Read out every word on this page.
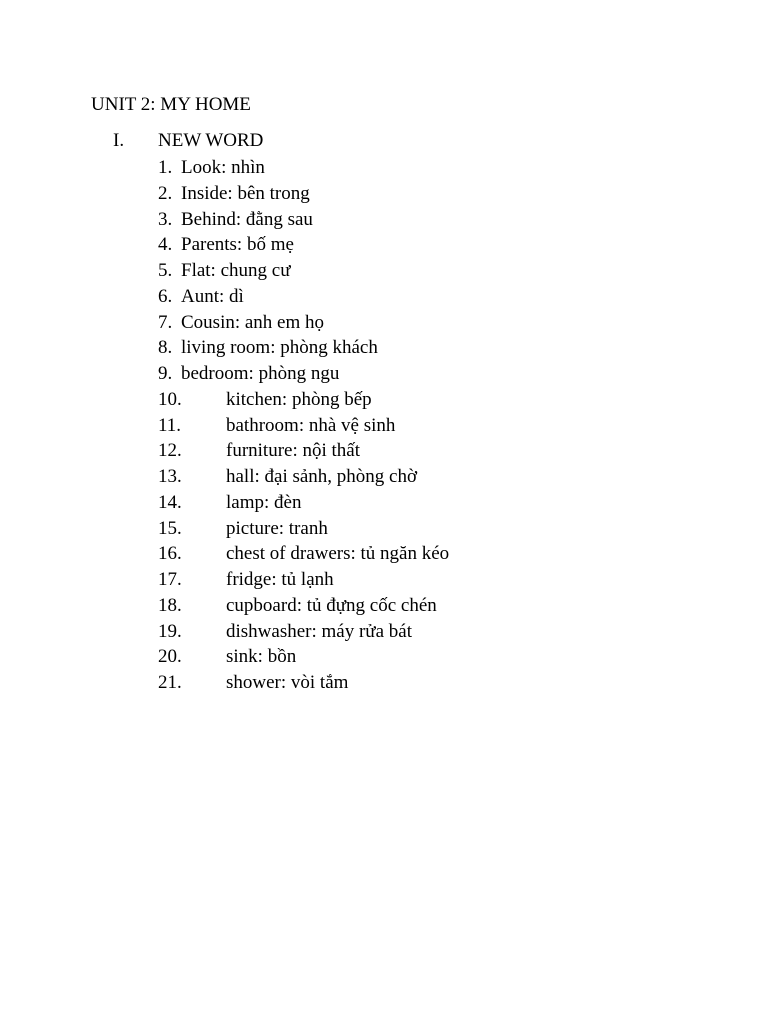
UNIT 2: MY HOME
I. NEW WORD
1. Look: nhìn
2. Inside: bên trong
3. Behind: đằng sau
4. Parents: bố mẹ
5. Flat: chung cư
6. Aunt: dì
7. Cousin: anh em họ
8. living room: phòng khách
9. bedroom: phòng ngu
10. kitchen: phòng bếp
11. bathroom: nhà vệ sinh
12. furniture: nội thất
13. hall: đại sảnh, phòng chờ
14. lamp: đèn
15. picture: tranh
16. chest of drawers: tủ ngăn kéo
17. fridge: tủ lạnh
18. cupboard: tủ đựng cốc chén
19. dishwasher: máy rửa bát
20. sink: bồn
21. shower: vòi tắm
